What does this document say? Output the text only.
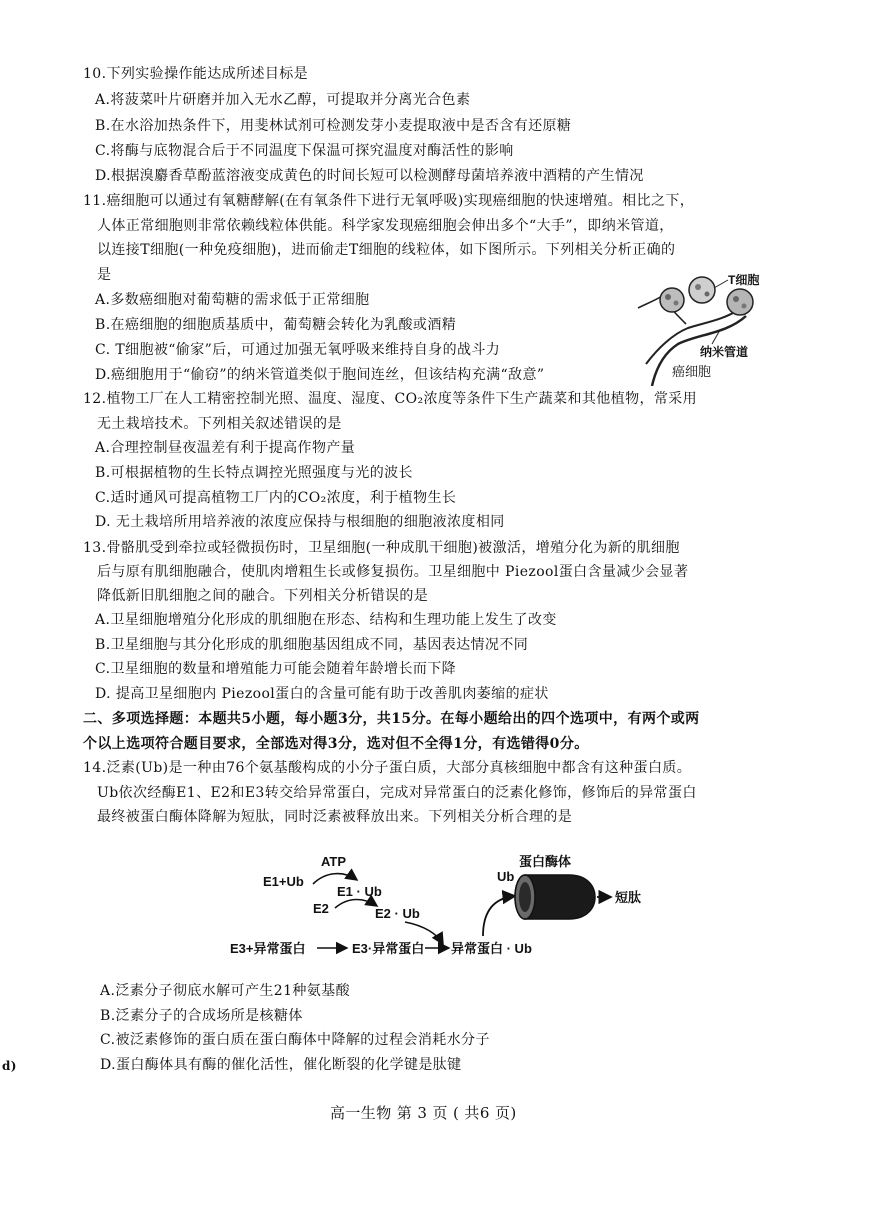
10.下列实验操作能达成所述目标是
A.将菠菜叶片研磨并加入无水乙醇，可提取并分离光合色素
B.在水浴加热条件下，用斐林试剂可检测发芽小麦提取液中是否含有还原糖
C.将酶与底物混合后于不同温度下保温可探究温度对酶活性的影响
D.根据溴麝香草酚蓝溶液变成黄色的时间长短可以检测酵母菌培养液中酒精的产生情况
11.癌细胞可以通过有氧糖酵解(在有氧条件下进行无氧呼吸)实现癌细胞的快速增殖。相比之下，
人体正常细胞则非常依赖线粒体供能。科学家发现癌细胞会伸出多个“大手”，即纳米管道，
以连接T细胞(一种免疫细胞)，进而偷走T细胞的线粒体，如下图所示。下列相关分析正确的
是
A.多数癌细胞对葡萄糖的需求低于正常细胞
B.在癌细胞的细胞质基质中，葡萄糖会转化为乳酸或酒精
C. T细胞被“偷家”后，可通过加强无氧呼吸来维持自身的战斗力
D.癌细胞用于“偷窃”的纳米管道类似于胞间连丝，但该结构充满“敌意”
T细胞
纳米管道
癌细胞
12.植物工厂在人工精密控制光照、温度、湿度、CO₂浓度等条件下生产蔬菜和其他植物，常采用
无土栽培技术。下列相关叙述错误的是
A.合理控制昼夜温差有利于提高作物产量
B.可根据植物的生长特点调控光照强度与光的波长
C.适时通风可提高植物工厂内的CO₂浓度，利于植物生长
D. 无土栽培所用培养液的浓度应保持与根细胞的细胞液浓度相同
13.骨骼肌受到牵拉或轻微损伤时，卫星细胞(一种成肌干细胞)被激活，增殖分化为新的肌细胞
后与原有肌细胞融合，使肌肉增粗生长或修复损伤。卫星细胞中 Piezool蛋白含量减少会显著
降低新旧肌细胞之间的融合。下列相关分析错误的是
A.卫星细胞增殖分化形成的肌细胞在形态、结构和生理功能上发生了改变
B.卫星细胞与其分化形成的肌细胞基因组成不同，基因表达情况不同
C.卫星细胞的数量和增殖能力可能会随着年龄增长而下降
D. 提高卫星细胞内 Piezool蛋白的含量可能有助于改善肌肉萎缩的症状
二、多项选择题：本题共5小题，每小题3分，共15分。在每小题给出的四个选项中，有两个或两
个以上选项符合题目要求，全部选对得3分，选对但不全得1分，有选错得0分。
14.泛素(Ub)是一种由76个氨基酸构成的小分子蛋白质，大部分真核细胞中都含有这种蛋白质。
Ub依次经酶E1、E2和E3转交给异常蛋白，完成对异常蛋白的泛素化修饰，修饰后的异常蛋白
最终被蛋白酶体降解为短肽，同时泛素被释放出来。下列相关分析合理的是
ATP
E1+Ub
E1 · Ub
E2	E2 · Ub
E3+异常蛋白	E3·异常蛋白 异常蛋白 · Ub
Ub
蛋白酶体
短肽
A.泛素分子彻底水解可产生21种氨基酸
B.泛素分子的合成场所是核糖体
C.被泛素修饰的蛋白质在蛋白酶体中降解的过程会消耗水分子
D.蛋白酶体具有酶的催化活性，催化断裂的化学键是肽键
d)
高一生物 第 3 页 ( 共6 页)
